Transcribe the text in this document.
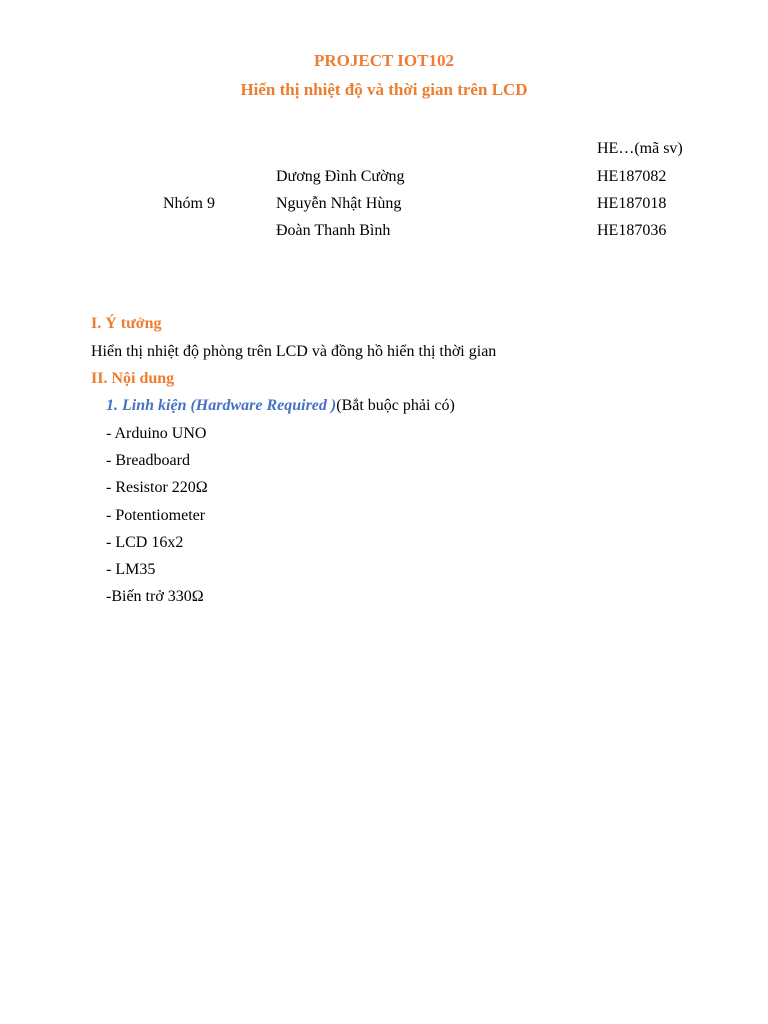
PROJECT IOT102
Hiển thị nhiệt độ và thời gian trên LCD
HE…(mã sv)
Nhóm 9
Dương Đình Cường	HE187082
Nguyễn Nhật Hùng	HE187018
Đoàn Thanh Bình	HE187036
I. Ý tưởng
Hiển thị nhiệt độ phòng trên LCD và đồng hồ hiển thị thời gian
II. Nội dung
1. Linh kiện (Hardware Required )(Bắt buộc phải có)
- Arduino UNO
- Breadboard
- Resistor 220Ω
- Potentiometer
- LCD 16x2
- LM35
-Biến trở 330Ω
